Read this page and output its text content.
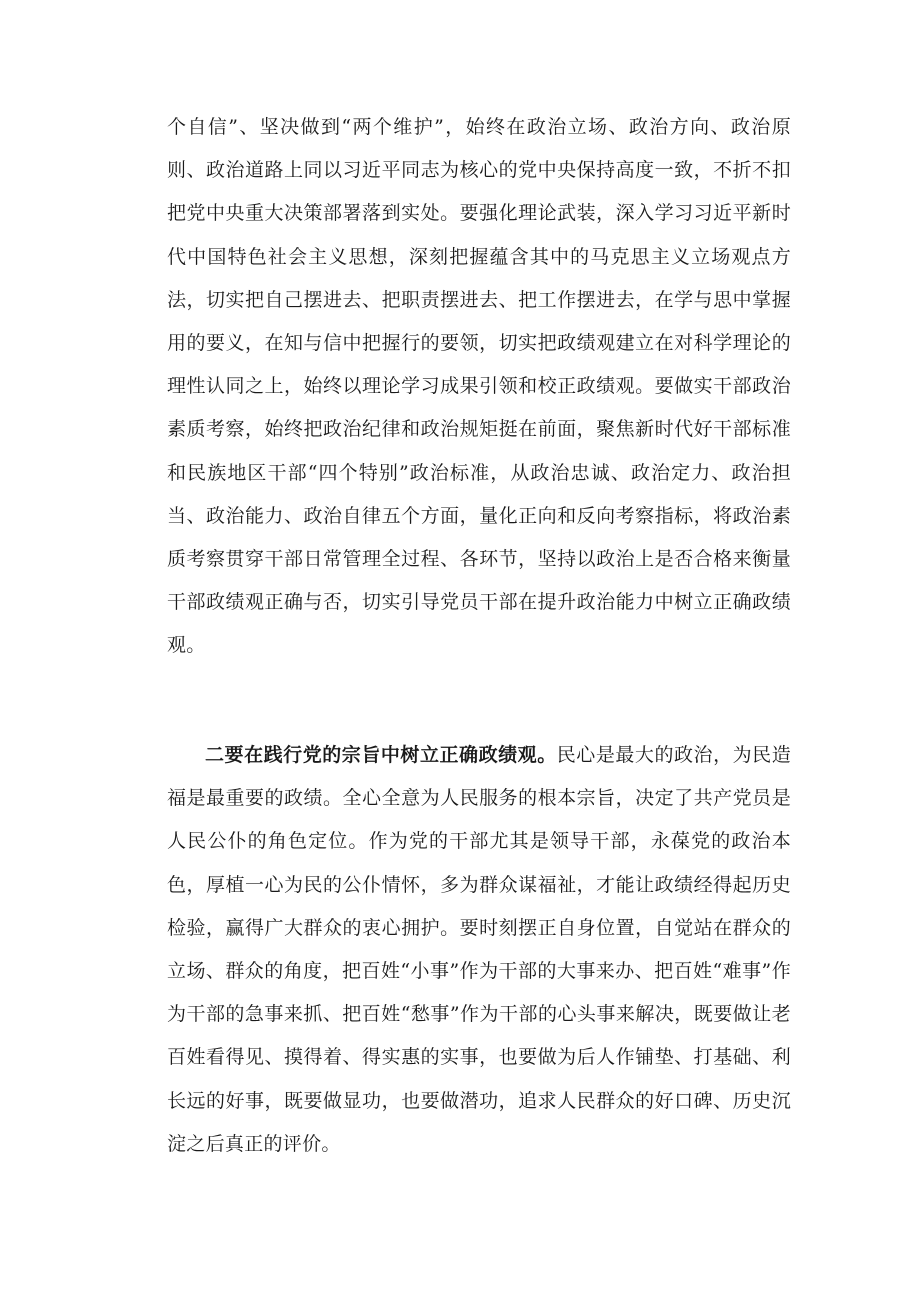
个自信”、坚决做到“两个维护”，始终在政治立场、政治方向、政治原则、政治道路上同以习近平同志为核心的党中央保持高度一致，不折不扣把党中央重大决策部署落到实处。要强化理论武装，深入学习习近平新时代中国特色社会主义思想，深刻把握蕴含其中的马克思主义立场观点方法，切实把自己摆进去、把职责摆进去、把工作摆进去，在学与思中掌握用的要义，在知与信中把握行的要领，切实把政绩观建立在对科学理论的理性认同之上，始终以理论学习成果引领和校正政绩观。要做实干部政治素质考察，始终把政治纪律和政治规矩挺在前面，聚焦新时代好干部标准和民族地区干部“四个特别”政治标准，从政治忠诚、政治定力、政治担当、政治能力、政治自律五个方面，量化正向和反向考察指标，将政治素质考察贯穿干部日常管理全过程、各环节，坚持以政治上是否合格来衡量干部政绩观正确与否，切实引导党员干部在提升政治能力中树立正确政绩观。

二要在践行党的宗旨中树立正确政绩观。民心是最大的政治，为民造福是最重要的政绩。全心全意为人民服务的根本宗旨，决定了共产党员是人民公仆的角色定位。作为党的干部尤其是领导干部，永葆党的政治本色，厚植一心为民的公仆情怀，多为群众谋福祉，才能让政绩经得起历史检验，赢得广大群众的衷心拥护。要时刻摆正自身位置，自觉站在群众的立场、群众的角度，把百姓“小事”作为干部的大事来办、把百姓“难事”作为干部的急事来抓、把百姓“愁事”作为干部的心头事来解决，既要做让老百姓看得见、摸得着、得实惠的实事，也要做为后人作铺垫、打基础、利长远的好事，既要做显功，也要做潜功，追求人民群众的好口碑、历史沉淀之后真正的评价。
